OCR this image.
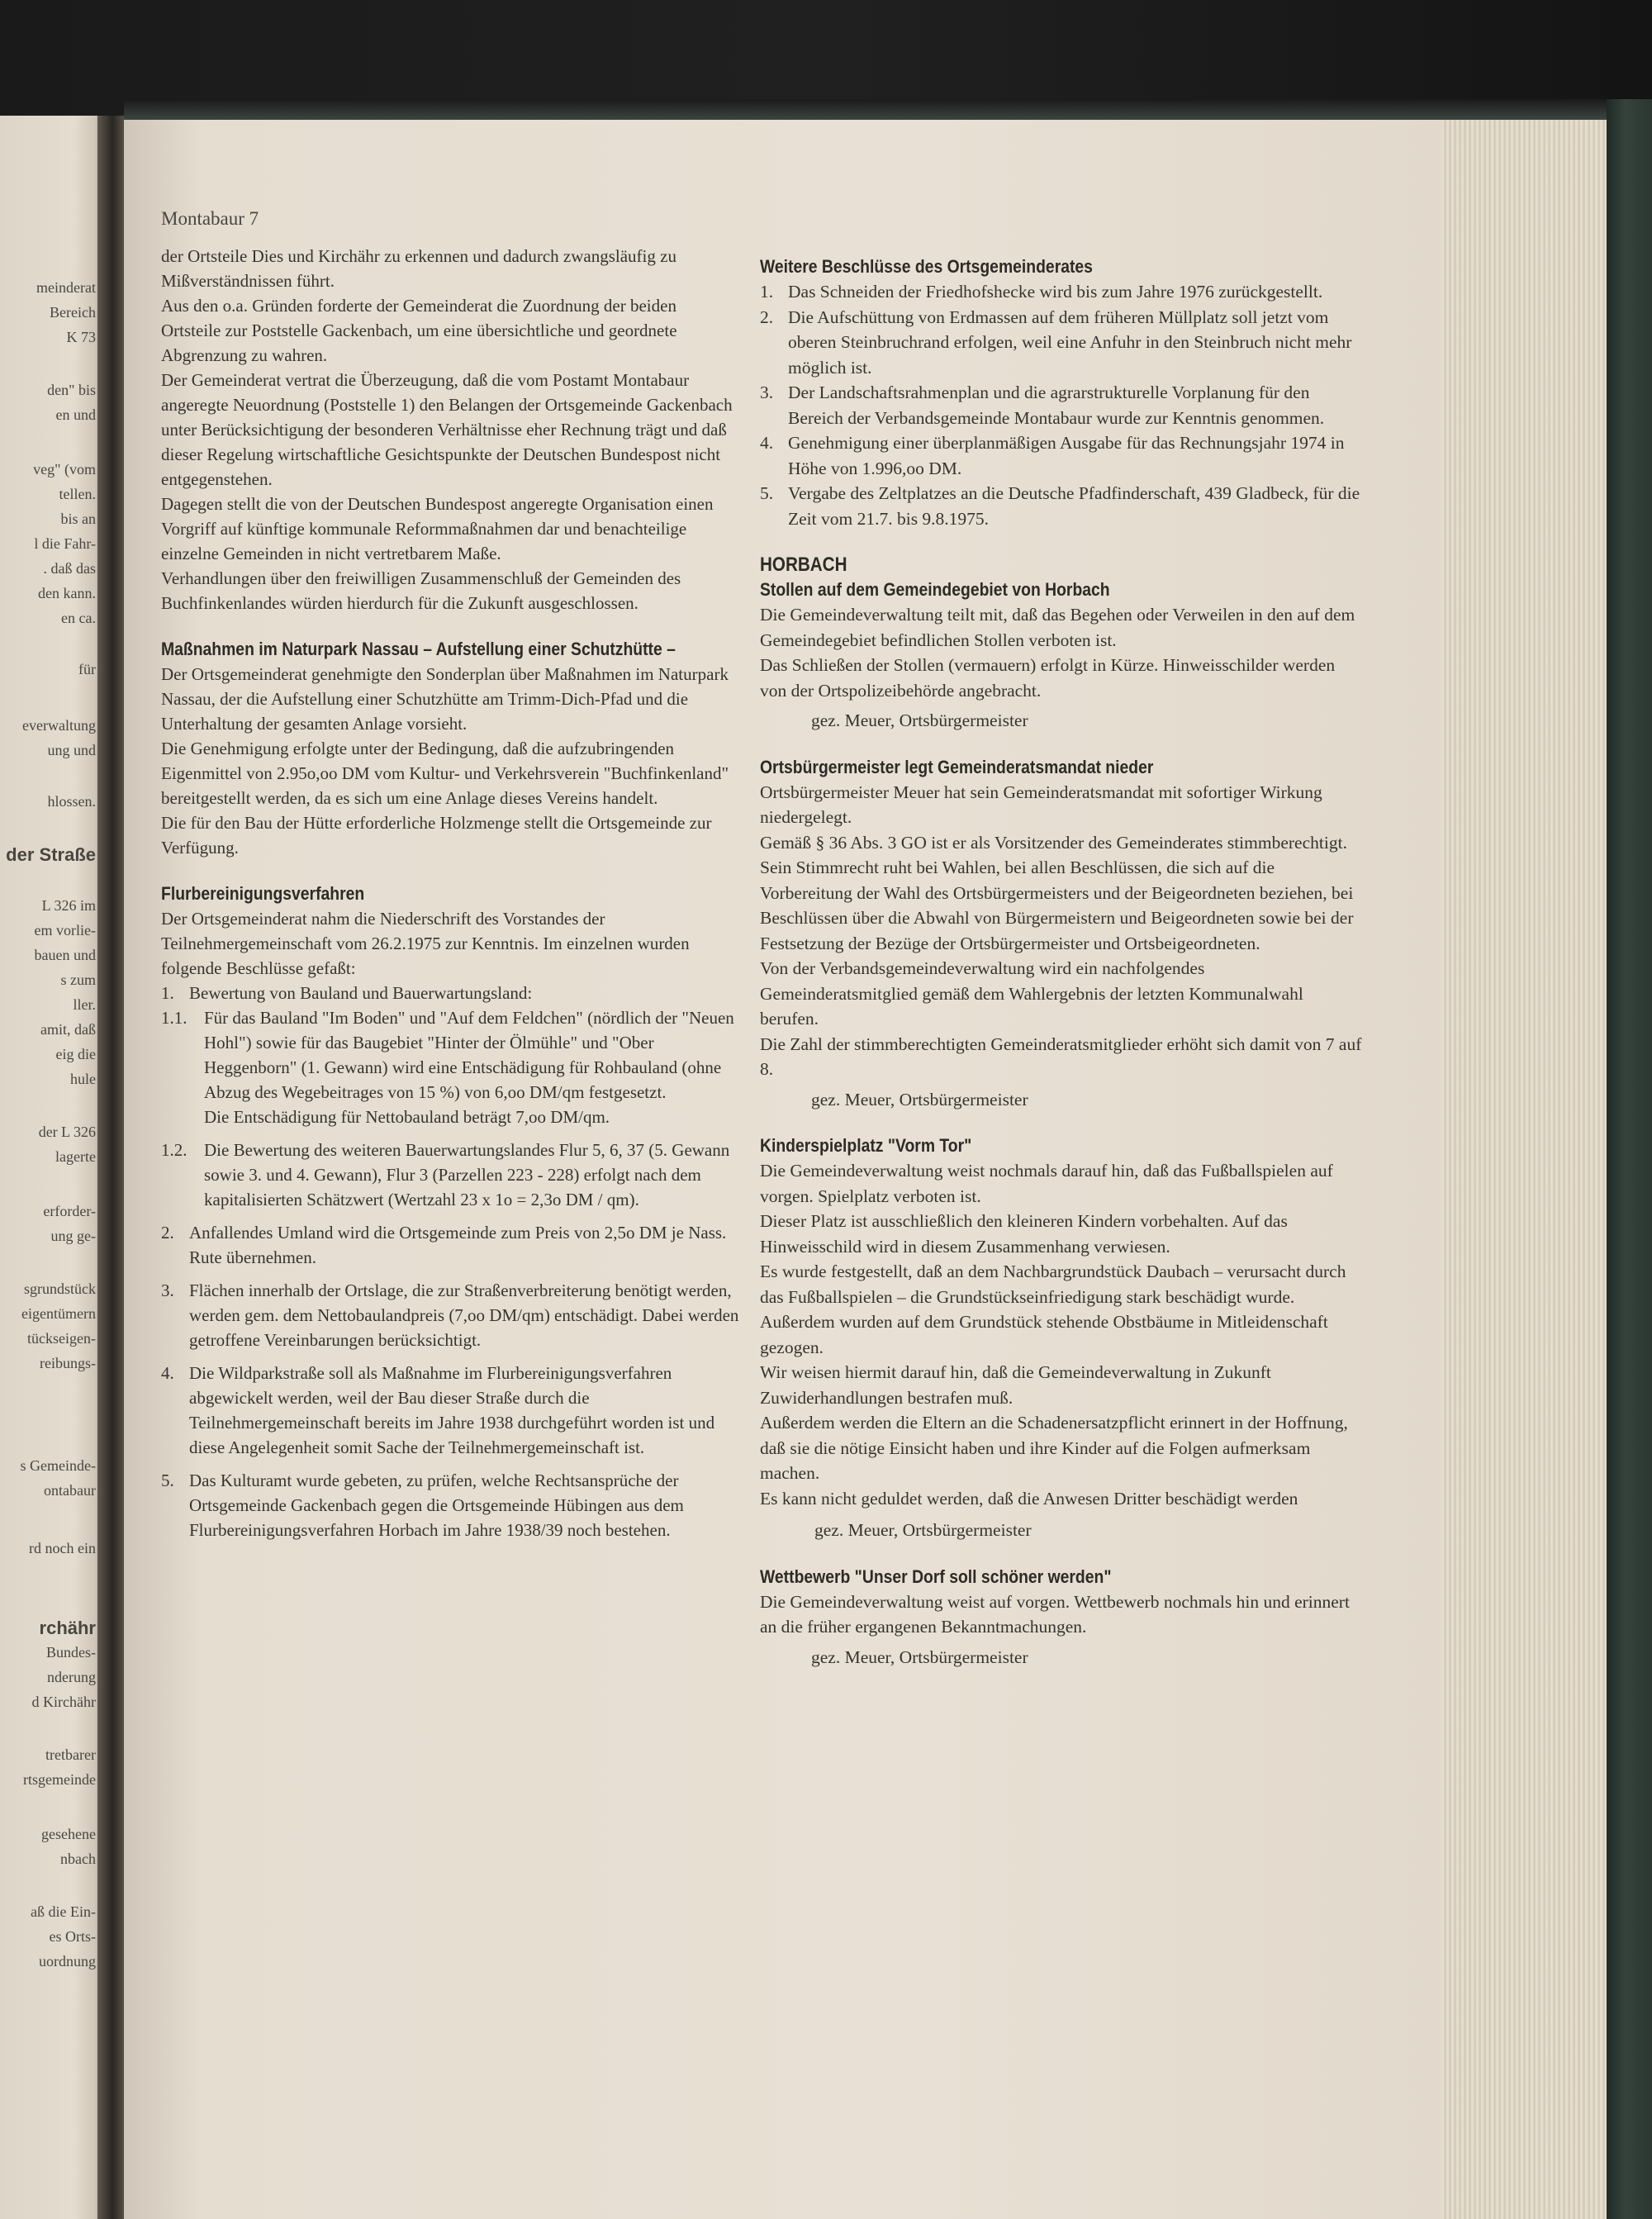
meinderat
Bereich
K 73
den" bis
en und
veg" (vom
tellen.
bis an
l die Fahr-
. daß das
den kann.
en ca.
für
everwaltung
ung und
hlossen.
der Straße
L 326 im
em vorlie-
bauen und
s zum
ller.
amit, daß
eig die
hule
der L 326
lagerte
erforder-
ung ge-
sgrundstück
eigentümern
tückseigen-
reibungs-
s Gemeinde-
ontabaur
rd noch ein
rchähr
Bundes-
nderung
d Kirchähr
tretbarer
rtsgemeinde
gesehene
nbach
aß die Ein-
es Orts-
uordnung
Montabaur 7

der Ortsteile Dies und Kirchähr zu erkennen und dadurch zwangsläufig zu Mißverständnissen führt.

Aus den o.a. Gründen forderte der Gemeinderat die Zuordnung der beiden Ortsteile zur Poststelle Gackenbach, um eine übersichtliche und geordnete Abgrenzung zu wahren.

Der Gemeinderat vertrat die Überzeugung, daß die vom Postamt Montabaur angeregte Neuordnung (Poststelle 1) den Belangen der Ortsgemeinde Gackenbach unter Berücksichtigung der besonderen Verhältnisse eher Rechnung trägt und daß dieser Regelung wirtschaftliche Gesichtspunkte der Deutschen Bundespost nicht entgegenstehen.

Dagegen stellt die von der Deutschen Bundespost angeregte Organisation einen Vorgriff auf künftige kommunale Reformmaßnahmen dar und benachteilige einzelne Gemeinden in nicht vertretbarem Maße.

Verhandlungen über den freiwilligen Zusammenschluß der Gemeinden des Buchfinkenlandes würden hierdurch für die Zukunft ausgeschlossen.

Maßnahmen im Naturpark Nassau – Aufstellung einer Schutzhütte –

Der Ortsgemeinderat genehmigte den Sonderplan über Maßnahmen im Naturpark Nassau, der die Aufstellung einer Schutzhütte am Trimm-Dich-Pfad und die Unterhaltung der gesamten Anlage vorsieht.

Die Genehmigung erfolgte unter der Bedingung, daß die aufzubringenden Eigenmittel von 2.95o,oo DM vom Kultur- und Verkehrsverein "Buchfinkenland" bereitgestellt werden, da es sich um eine Anlage dieses Vereins handelt.

Die für den Bau der Hütte erforderliche Holzmenge stellt die Ortsgemeinde zur Verfügung.

Flurbereinigungsverfahren

Der Ortsgemeinderat nahm die Niederschrift des Vorstandes der Teilnehmergemeinschaft vom 26.2.1975 zur Kenntnis. Im einzelnen wurden folgende Beschlüsse gefaßt:

1. Bewertung von Bauland und Bauerwartungsland:
1.1. Für das Bauland "Im Boden" und "Auf dem Feldchen" (nördlich der "Neuen Hohl") sowie für das Baugebiet "Hinter der Ölmühle" und "Ober Heggenborn" (1. Gewann) wird eine Entschädigung für Rohbauland (ohne Abzug des Wegebeitrages von 15 %) von 6,oo DM/qm festgesetzt.
Die Entschädigung für Nettobauland beträgt 7,oo DM/qm.
1.2. Die Bewertung des weiteren Bauerwartungslandes Flur 5, 6, 37 (5. Gewann sowie 3. und 4. Gewann), Flur 3 (Parzellen 223 - 228) erfolgt nach dem kapitalisierten Schätzwert (Wertzahl 23 x 1o = 2,3o DM / qm).
2. Anfallendes Umland wird die Ortsgemeinde zum Preis von 2,5o DM je Nass. Rute übernehmen.
3. Flächen innerhalb der Ortslage, die zur Straßenverbreiterung benötigt werden, werden gem. dem Nettobaulandpreis (7,oo DM/qm) entschädigt. Dabei werden getroffene Vereinbarungen berücksichtigt.
4. Die Wildparkstraße soll als Maßnahme im Flurbereinigungsverfahren abgewickelt werden, weil der Bau dieser Straße durch die Teilnehmergemeinschaft bereits im Jahre 1938 durchgeführt worden ist und diese Angelegenheit somit Sache der Teilnehmergemeinschaft ist.
5. Das Kulturamt wurde gebeten, zu prüfen, welche Rechtsansprüche der Ortsgemeinde Gackenbach gegen die Ortsgemeinde Hübingen aus dem Flurbereinigungsverfahren Horbach im Jahre 1938/39 noch bestehen.

Weitere Beschlüsse des Ortsgemeinderates

1. Das Schneiden der Friedhofshecke wird bis zum Jahre 1976 zurückgestellt.
2. Die Aufschüttung von Erdmassen auf dem früheren Müllplatz soll jetzt vom oberen Steinbruchrand erfolgen, weil eine Anfuhr in den Steinbruch nicht mehr möglich ist.
3. Der Landschaftsrahmenplan und die agrarstrukturelle Vorplanung für den Bereich der Verbandsgemeinde Montabaur wurde zur Kenntnis genommen.
4. Genehmigung einer überplanmäßigen Ausgabe für das Rechnungsjahr 1974 in Höhe von 1.996,oo DM.
5. Vergabe des Zeltplatzes an die Deutsche Pfadfinderschaft, 439 Gladbeck, für die Zeit vom 21.7. bis 9.8.1975.

HORBACH

Stollen auf dem Gemeindegebiet von Horbach

Die Gemeindeverwaltung teilt mit, daß das Begehen oder Verweilen in den auf dem Gemeindegebiet befindlichen Stollen verboten ist.

Das Schließen der Stollen (vermauern) erfolgt in Kürze. Hinweisschilder werden von der Ortspolizeibehörde angebracht.

gez. Meuer, Ortsbürgermeister

Ortsbürgermeister legt Gemeinderatsmandat nieder

Ortsbürgermeister Meuer hat sein Gemeinderatsmandat mit sofortiger Wirkung niedergelegt.

Gemäß § 36 Abs. 3 GO ist er als Vorsitzender des Gemeinderates stimmberechtigt. Sein Stimmrecht ruht bei Wahlen, bei allen Beschlüssen, die sich auf die Vorbereitung der Wahl des Ortsbürgermeisters und der Beigeordneten beziehen, bei Beschlüssen über die Abwahl von Bürgermeistern und Beigeordneten sowie bei der Festsetzung der Bezüge der Ortsbürgermeister und Ortsbeigeordneten.

Von der Verbandsgemeindeverwaltung wird ein nachfolgendes Gemeinderatsmitglied gemäß dem Wahlergebnis der letzten Kommunalwahl berufen.

Die Zahl der stimmberechtigten Gemeinderatsmitglieder erhöht sich damit von 7 auf 8.

gez. Meuer, Ortsbürgermeister

Kinderspielplatz "Vorm Tor"

Die Gemeindeverwaltung weist nochmals darauf hin, daß das Fußballspielen auf vorgen. Spielplatz verboten ist.

Dieser Platz ist ausschließlich den kleineren Kindern vorbehalten. Auf das Hinweisschild wird in diesem Zusammenhang verwiesen.

Es wurde festgestellt, daß an dem Nachbargrundstück Daubach – verursacht durch das Fußballspielen – die Grundstückseinfriedigung stark beschädigt wurde.

Außerdem wurden auf dem Grundstück stehende Obstbäume in Mitleidenschaft gezogen.

Wir weisen hiermit darauf hin, daß die Gemeindeverwaltung in Zukunft Zuwiderhandlungen bestrafen muß.

Außerdem werden die Eltern an die Schadenersatzpflicht erinnert in der Hoffnung, daß sie die nötige Einsicht haben und ihre Kinder auf die Folgen aufmerksam machen.

Es kann nicht geduldet werden, daß die Anwesen Dritter beschädigt werden

gez. Meuer, Ortsbürgermeister

Wettbewerb "Unser Dorf soll schöner werden"

Die Gemeindeverwaltung weist auf vorgen. Wettbewerb nochmals hin und erinnert an die früher ergangenen Bekanntmachungen.

gez. Meuer, Ortsbürgermeister
